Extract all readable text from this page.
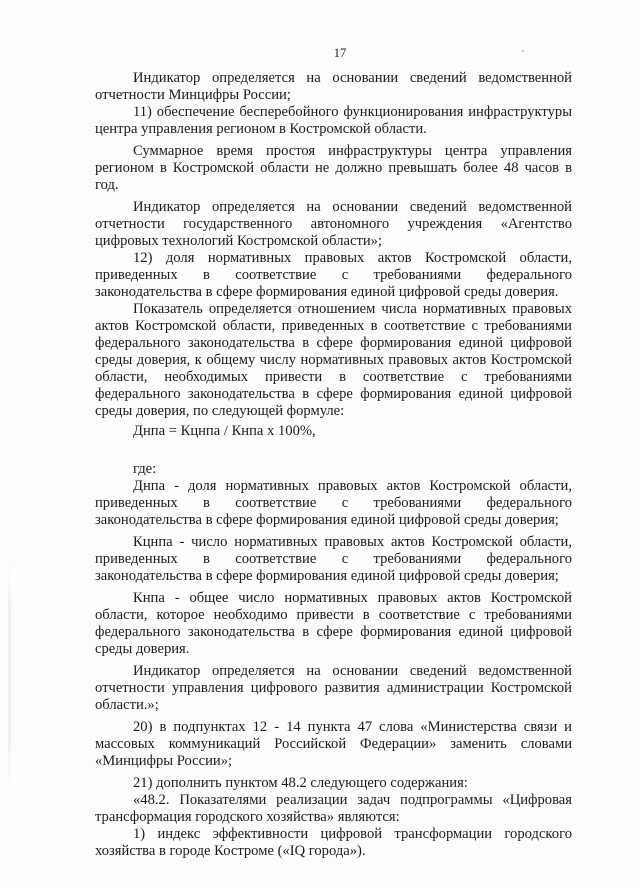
17

Индикатор определяется на основании сведений ведомственной отчетности Минцифры России;

11) обеспечение бесперебойного функционирования инфраструктуры центра управления регионом в Костромской области.

Суммарное время простоя инфраструктуры центра управления регионом в Костромской области не должно превышать более 48 часов в год.

Индикатор определяется на основании сведений ведомственной отчетности государственного автономного учреждения «Агентство цифровых технологий Костромской области»;

12) доля нормативных правовых актов Костромской области, приведенных в соответствие с требованиями федерального законодательства в сфере формирования единой цифровой среды доверия.

Показатель определяется отношением числа нормативных правовых актов Костромской области, приведенных в соответствие с требованиями федерального законодательства в сфере формирования единой цифровой среды доверия, к общему числу нормативных правовых актов Костромской области, необходимых привести в соответствие с требованиями федерального законодательства в сфере формирования единой цифровой среды доверия, по следующей формуле:

Днпа = Кцнпа / Кнпа х 100%,

где:

Днпа - доля нормативных правовых актов Костромской области, приведенных в соответствие с требованиями федерального законодательства в сфере формирования единой цифровой среды доверия;

Кцнпа - число нормативных правовых актов Костромской области, приведенных в соответствие с требованиями федерального законодательства в сфере формирования единой цифровой среды доверия;

Кнпа - общее число нормативных правовых актов Костромской области, которое необходимо привести в соответствие с требованиями федерального законодательства в сфере формирования единой цифровой среды доверия.

Индикатор определяется на основании сведений ведомственной отчетности управления цифрового развития администрации Костромской области.»;

20) в подпунктах 12 - 14 пункта 47 слова «Министерства связи и массовых коммуникаций Российской Федерации» заменить словами «Минцифры России»;

21) дополнить пунктом 48.2 следующего содержания:

«48.2. Показателями реализации задач подпрограммы «Цифровая трансформация городского хозяйства» являются:

1) индекс эффективности цифровой трансформации городского хозяйства в городе Костроме («IQ города»).
